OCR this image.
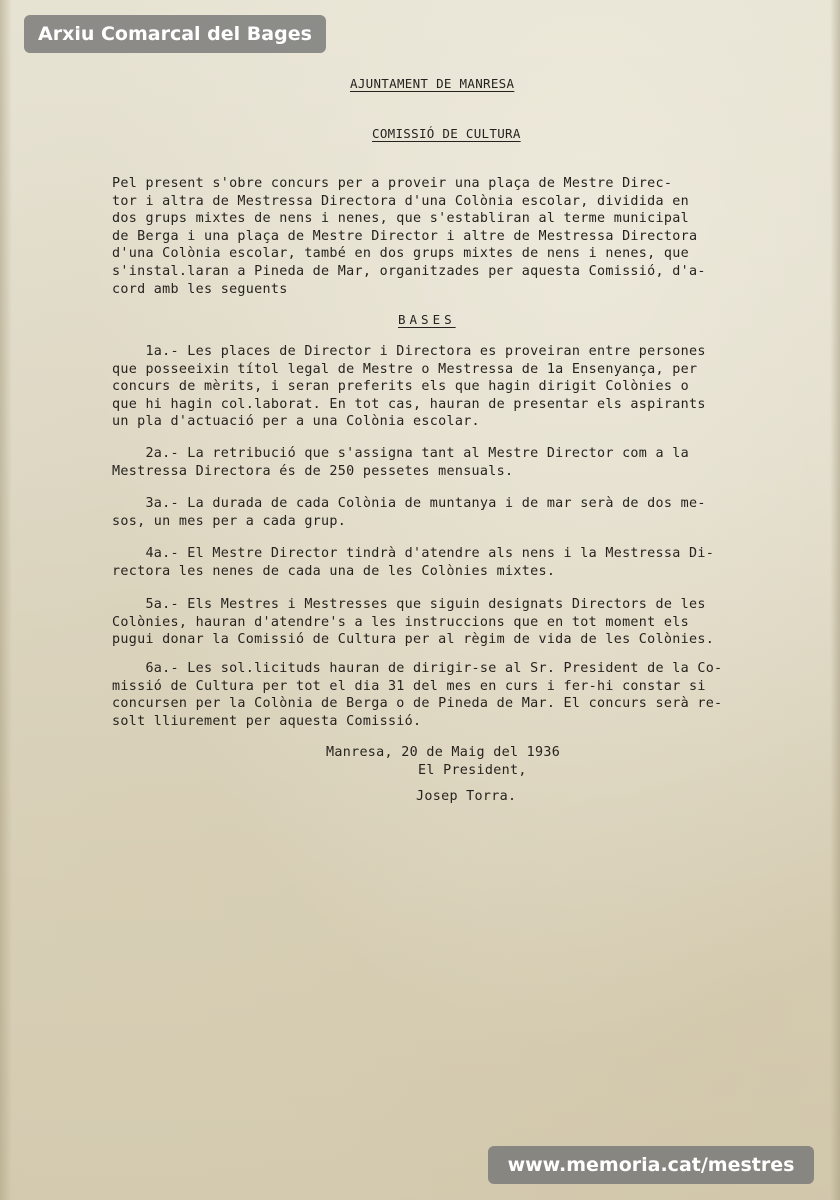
Arxiu Comarcal del Bages
AJUNTAMENT DE MANRESA
COMISSIÓ DE CULTURA
Pel present s'obre concurs per a proveir una plaça de Mestre Direc-
tor i altra de Mestressa Directora d'una Colònia escolar, dividida en
dos grups mixtes de nens i nenes, que s'establiran al terme municipal
de Berga i una plaça de Mestre Director i altre de Mestressa Directora
d'una Colònia escolar, també en dos grups mixtes de nens i nenes, que
s'instal.laran a Pineda de Mar, organitzades per aquesta Comissió, d'a-
cord amb les seguents
BASES
1a.- Les places de Director i Directora es proveiran entre persones
que posseeixin títol legal de Mestre o Mestressa de 1a Ensenyança, per
concurs de mèrits, i seran preferits els que hagin dirigit Colònies o
que hi hagin col.laborat. En tot cas, hauran de presentar els aspirants
un pla d'actuació per a una Colònia escolar.
2a.- La retribució que s'assigna tant al Mestre Director com a la
Mestressa Directora és de 250 pessetes mensuals.
3a.- La durada de cada Colònia de muntanya i de mar serà de dos me-
sos, un mes per a cada grup.
4a.- El Mestre Director tindrà d'atendre als nens i la Mestressa Di-
rectora les nenes de cada una de les Colònies mixtes.
5a.- Els Mestres i Mestresses que siguin designats Directors de les
Colònies, hauran d'atendre's a les instruccions que en tot moment els
pugui donar la Comissió de Cultura per al règim de vida de les Colònies.
6a.- Les sol.licituds hauran de dirigir-se al Sr. President de la Co-
missió de Cultura per tot el dia 31 del mes en curs i fer-hi constar si
concursen per la Colònia de Berga o de Pineda de Mar. El concurs serà re-
solt lliurement per aquesta Comissió.
Manresa, 20 de Maig del 1936
El President,
Josep Torra.
www.memoria.cat/mestres
